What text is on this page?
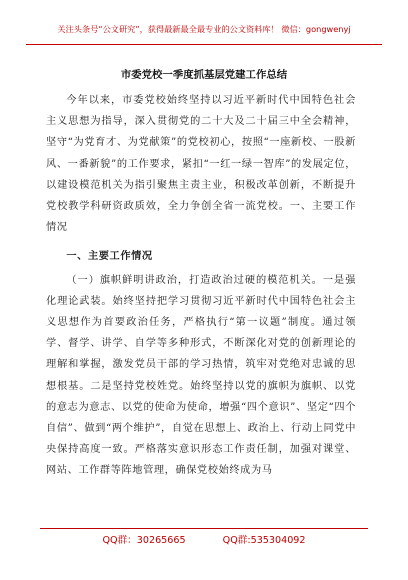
关注头条号“公文研究”，获得最新最全最专业的公文资料库！ 微信：gongwenyj
市委党校一季度抓基层党建工作总结

今年以来，市委党校始终坚持以习近平新时代中国特色社会主义思想为指导，深入贯彻党的二十大及二十届三中全会精神，坚守“为党育才、为党献策”的党校初心，按照“一座新校、一股新风、一番新貌”的工作要求，紧扣“一红一绿一智库”的发展定位，以建设模范机关为指引聚焦主责主业，积极改革创新，不断提升党校教学科研资政质效，全力争创全省一流党校。一、主要工作情况

一、主要工作情况

（一）旗帜鲜明讲政治，打造政治过硬的模范机关。一是强化理论武装。始终坚持把学习贯彻习近平新时代中国特色社会主义思想作为首要政治任务，严格执行“第一议题”制度。通过领学、督学、讲学、自学等多种形式，不断深化对党的创新理论的理解和掌握，激发党员干部的学习热情，筑牢对党绝对忠诚的思想根基。二是坚持党校姓党。始终坚持以党的旗帜为旗帜、以党的意志为意志、以党的使命为使命，增强“四个意识”、坚定“四个自信”、做到“两个维护”，自觉在思想上、政治上、行动上同党中央保持高度一致。严格落实意识形态工作责任制，加强对课堂、网站、工作群等阵地管理，确保党校始终成为马

QQ群：30265665	QQ群:535304092
